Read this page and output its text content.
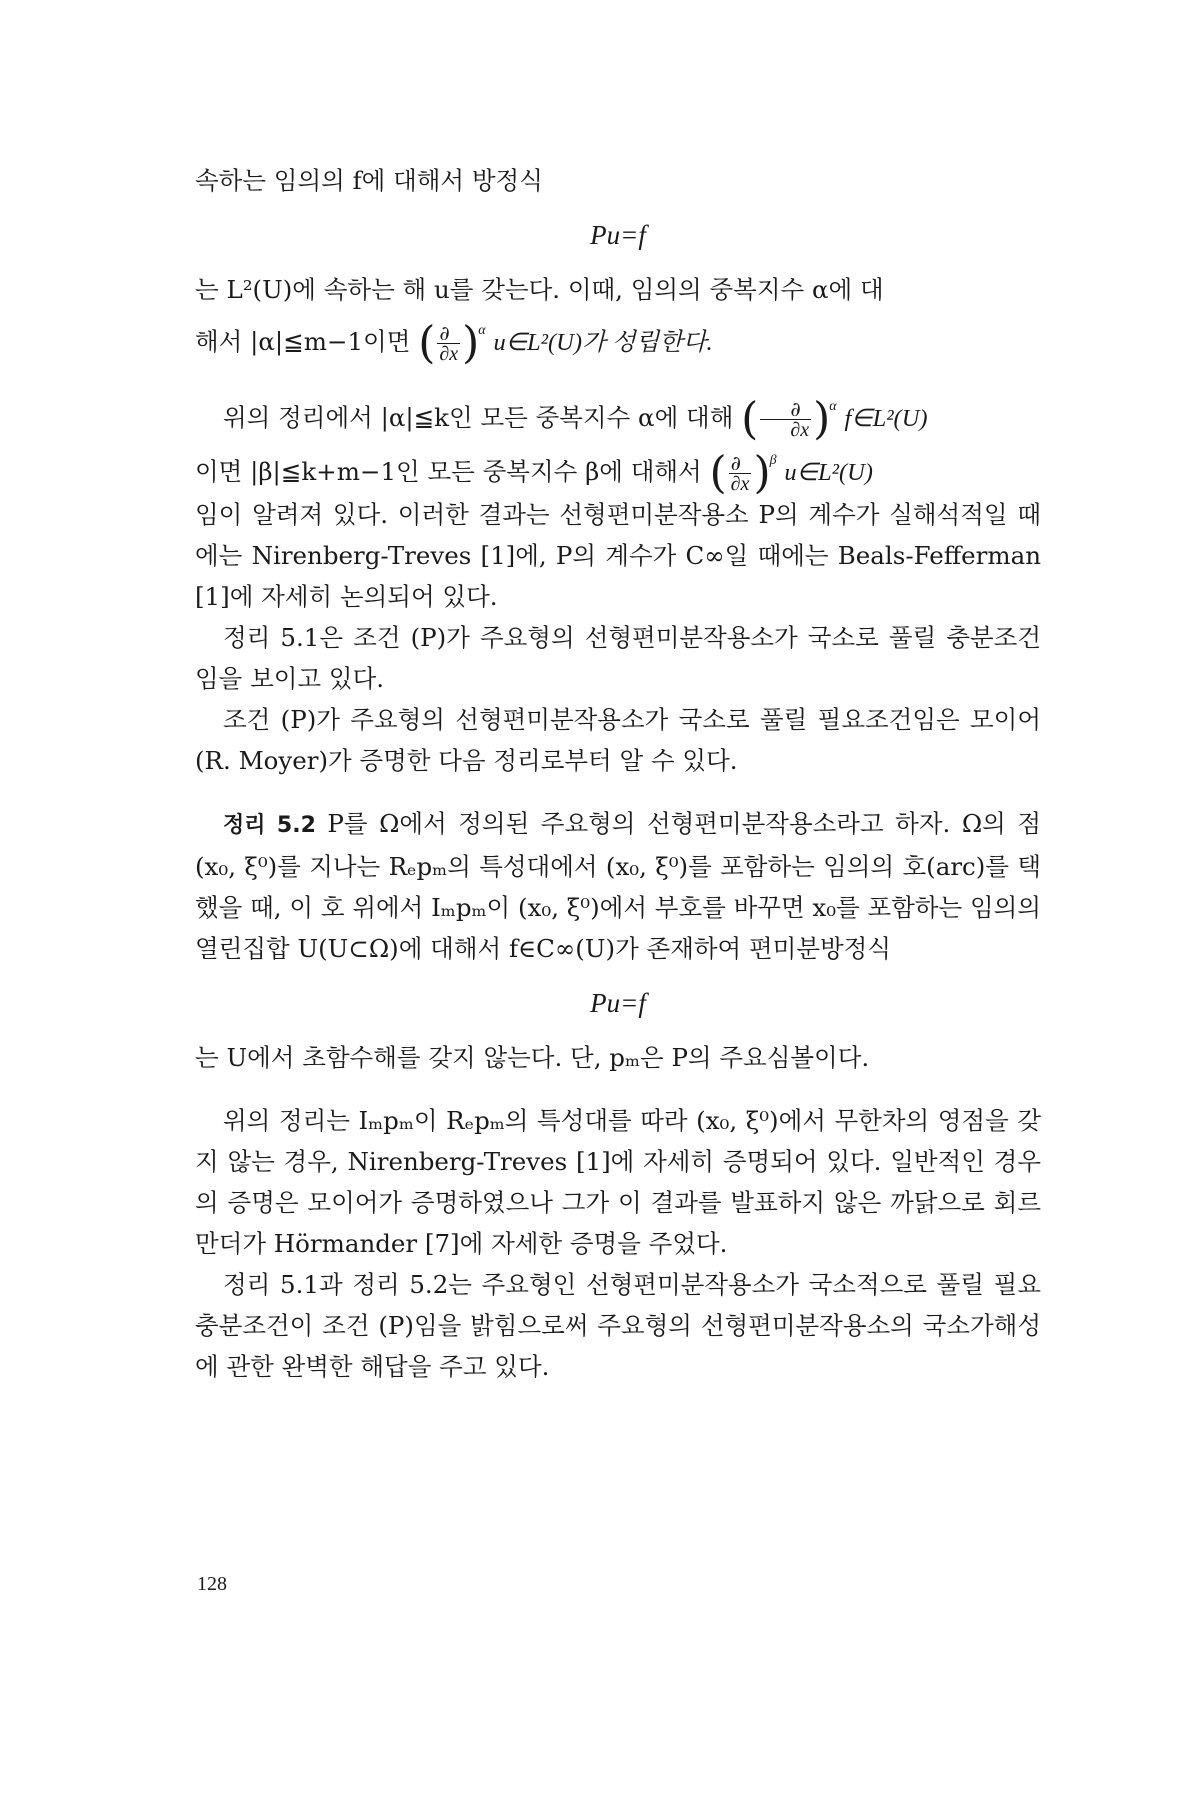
속하는 임의의 f에 대해서 방정식

Pu=f

는 L²(U)에 속하는 해 u를 갖는다. 이때, 임의의 중복지수 α에 대

해서 |α|≦m−1이면 ( $\frac{\partial}{\partial x} )^\alpha$ u∈L²(U)가 성립한다.

위의 정리에서 |α|≦k인 모든 중복지수 α에 대해 ( $\frac{\partial}{\partial x} )^\alpha$ f∈L²(U)

이면 |β|≦k+m−1인 모든 중복지수 β에 대해서 ( $\frac{\partial}{\partial x} )^\beta$ u∈L²(U)

임이 알려져 있다. 이러한 결과는 선형편미분작용소 P의 계수가 실해석적일 때에는 Nirenberg-Treves [1]에, P의 계수가 C∞일 때에는 Beals-Fefferman [1]에 자세히 논의되어 있다.

정리 5.1은 조건 (P)가 주요형의 선형편미분작용소가 국소로 풀릴 충분조건임을 보이고 있다.

조건 (P)가 주요형의 선형편미분작용소가 국소로 풀릴 필요조건임은 모이어(R. Moyer)가 증명한 다음 정리로부터 알 수 있다.

정리 5.2 P를 Ω에서 정의된 주요형의 선형편미분작용소라고 하자. Ω의 점 (x₀, ξ⁰)를 지나는 Rₑpₘ의 특성대에서 (x₀, ξ⁰)를 포함하는 임의의 호(arc)를 택했을 때, 이 호 위에서 Iₘpₘ이 (x₀, ξ⁰)에서 부호를 바꾸면 x₀를 포함하는 임의의 열린집합 U(U⊂Ω)에 대해서 f∈C∞(U)가 존재하여 편미분방정식

Pu=f

는 U에서 초함수해를 갖지 않는다. 단, pₘ은 P의 주요심볼이다.

위의 정리는 Iₘpₘ이 Rₑpₘ의 특성대를 따라 (x₀, ξ⁰)에서 무한차의 영점을 갖지 않는 경우, Nirenberg-Treves [1]에 자세히 증명되어 있다. 일반적인 경우의 증명은 모이어가 증명하였으나 그가 이 결과를 발표하지 않은 까닭으로 회르만더가 Hörmander [7]에 자세한 증명을 주었다.

정리 5.1과 정리 5.2는 주요형인 선형편미분작용소가 국소적으로 풀릴 필요충분조건이 조건 (P)임을 밝힘으로써 주요형의 선형편미분작용소의 국소가해성에 관한 완벽한 해답을 주고 있다.

128
